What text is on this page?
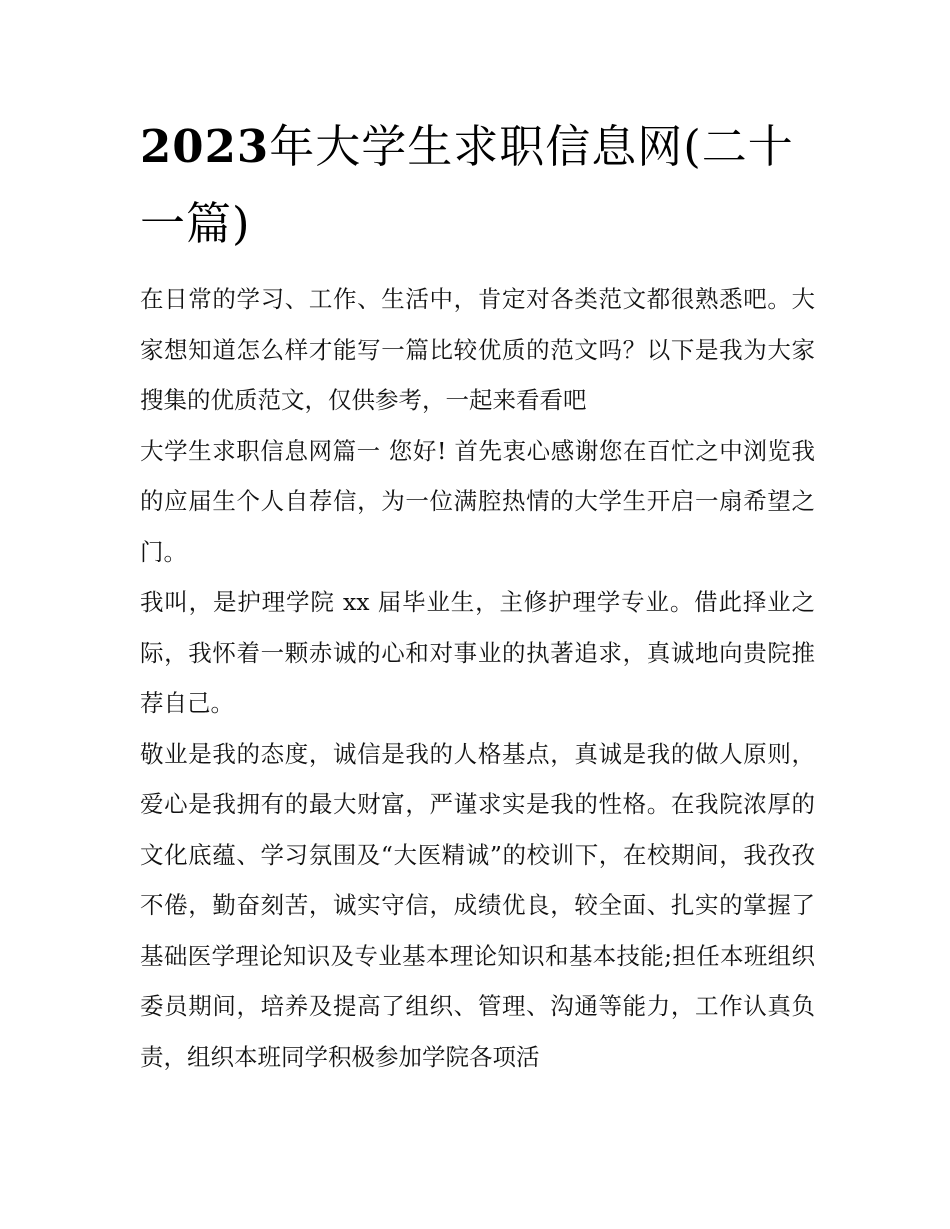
2023年大学生求职信息网(二十一篇)

在日常的学习、工作、生活中，肯定对各类范文都很熟悉吧。大家想知道怎么样才能写一篇比较优质的范文吗？以下是我为大家搜集的优质范文，仅供参考，一起来看看吧

大学生求职信息网篇一 您好! 首先衷心感谢您在百忙之中浏览我的应届生个人自荐信，为一位满腔热情的大学生开启一扇希望之门。

我叫，是护理学院 xx 届毕业生，主修护理学专业。借此择业之际，我怀着一颗赤诚的心和对事业的执著追求，真诚地向贵院推荐自己。

敬业是我的态度，诚信是我的人格基点，真诚是我的做人原则，爱心是我拥有的最大财富，严谨求实是我的性格。在我院浓厚的文化底蕴、学习氛围及“大医精诚”的校训下，在校期间，我孜孜不倦，勤奋刻苦，诚实守信，成绩优良，较全面、扎实的掌握了基础医学理论知识及专业基本理论知识和基本技能;担任本班组织委员期间，培养及提高了组织、管理、沟通等能力，工作认真负责，组织本班同学积极参加学院各项活
